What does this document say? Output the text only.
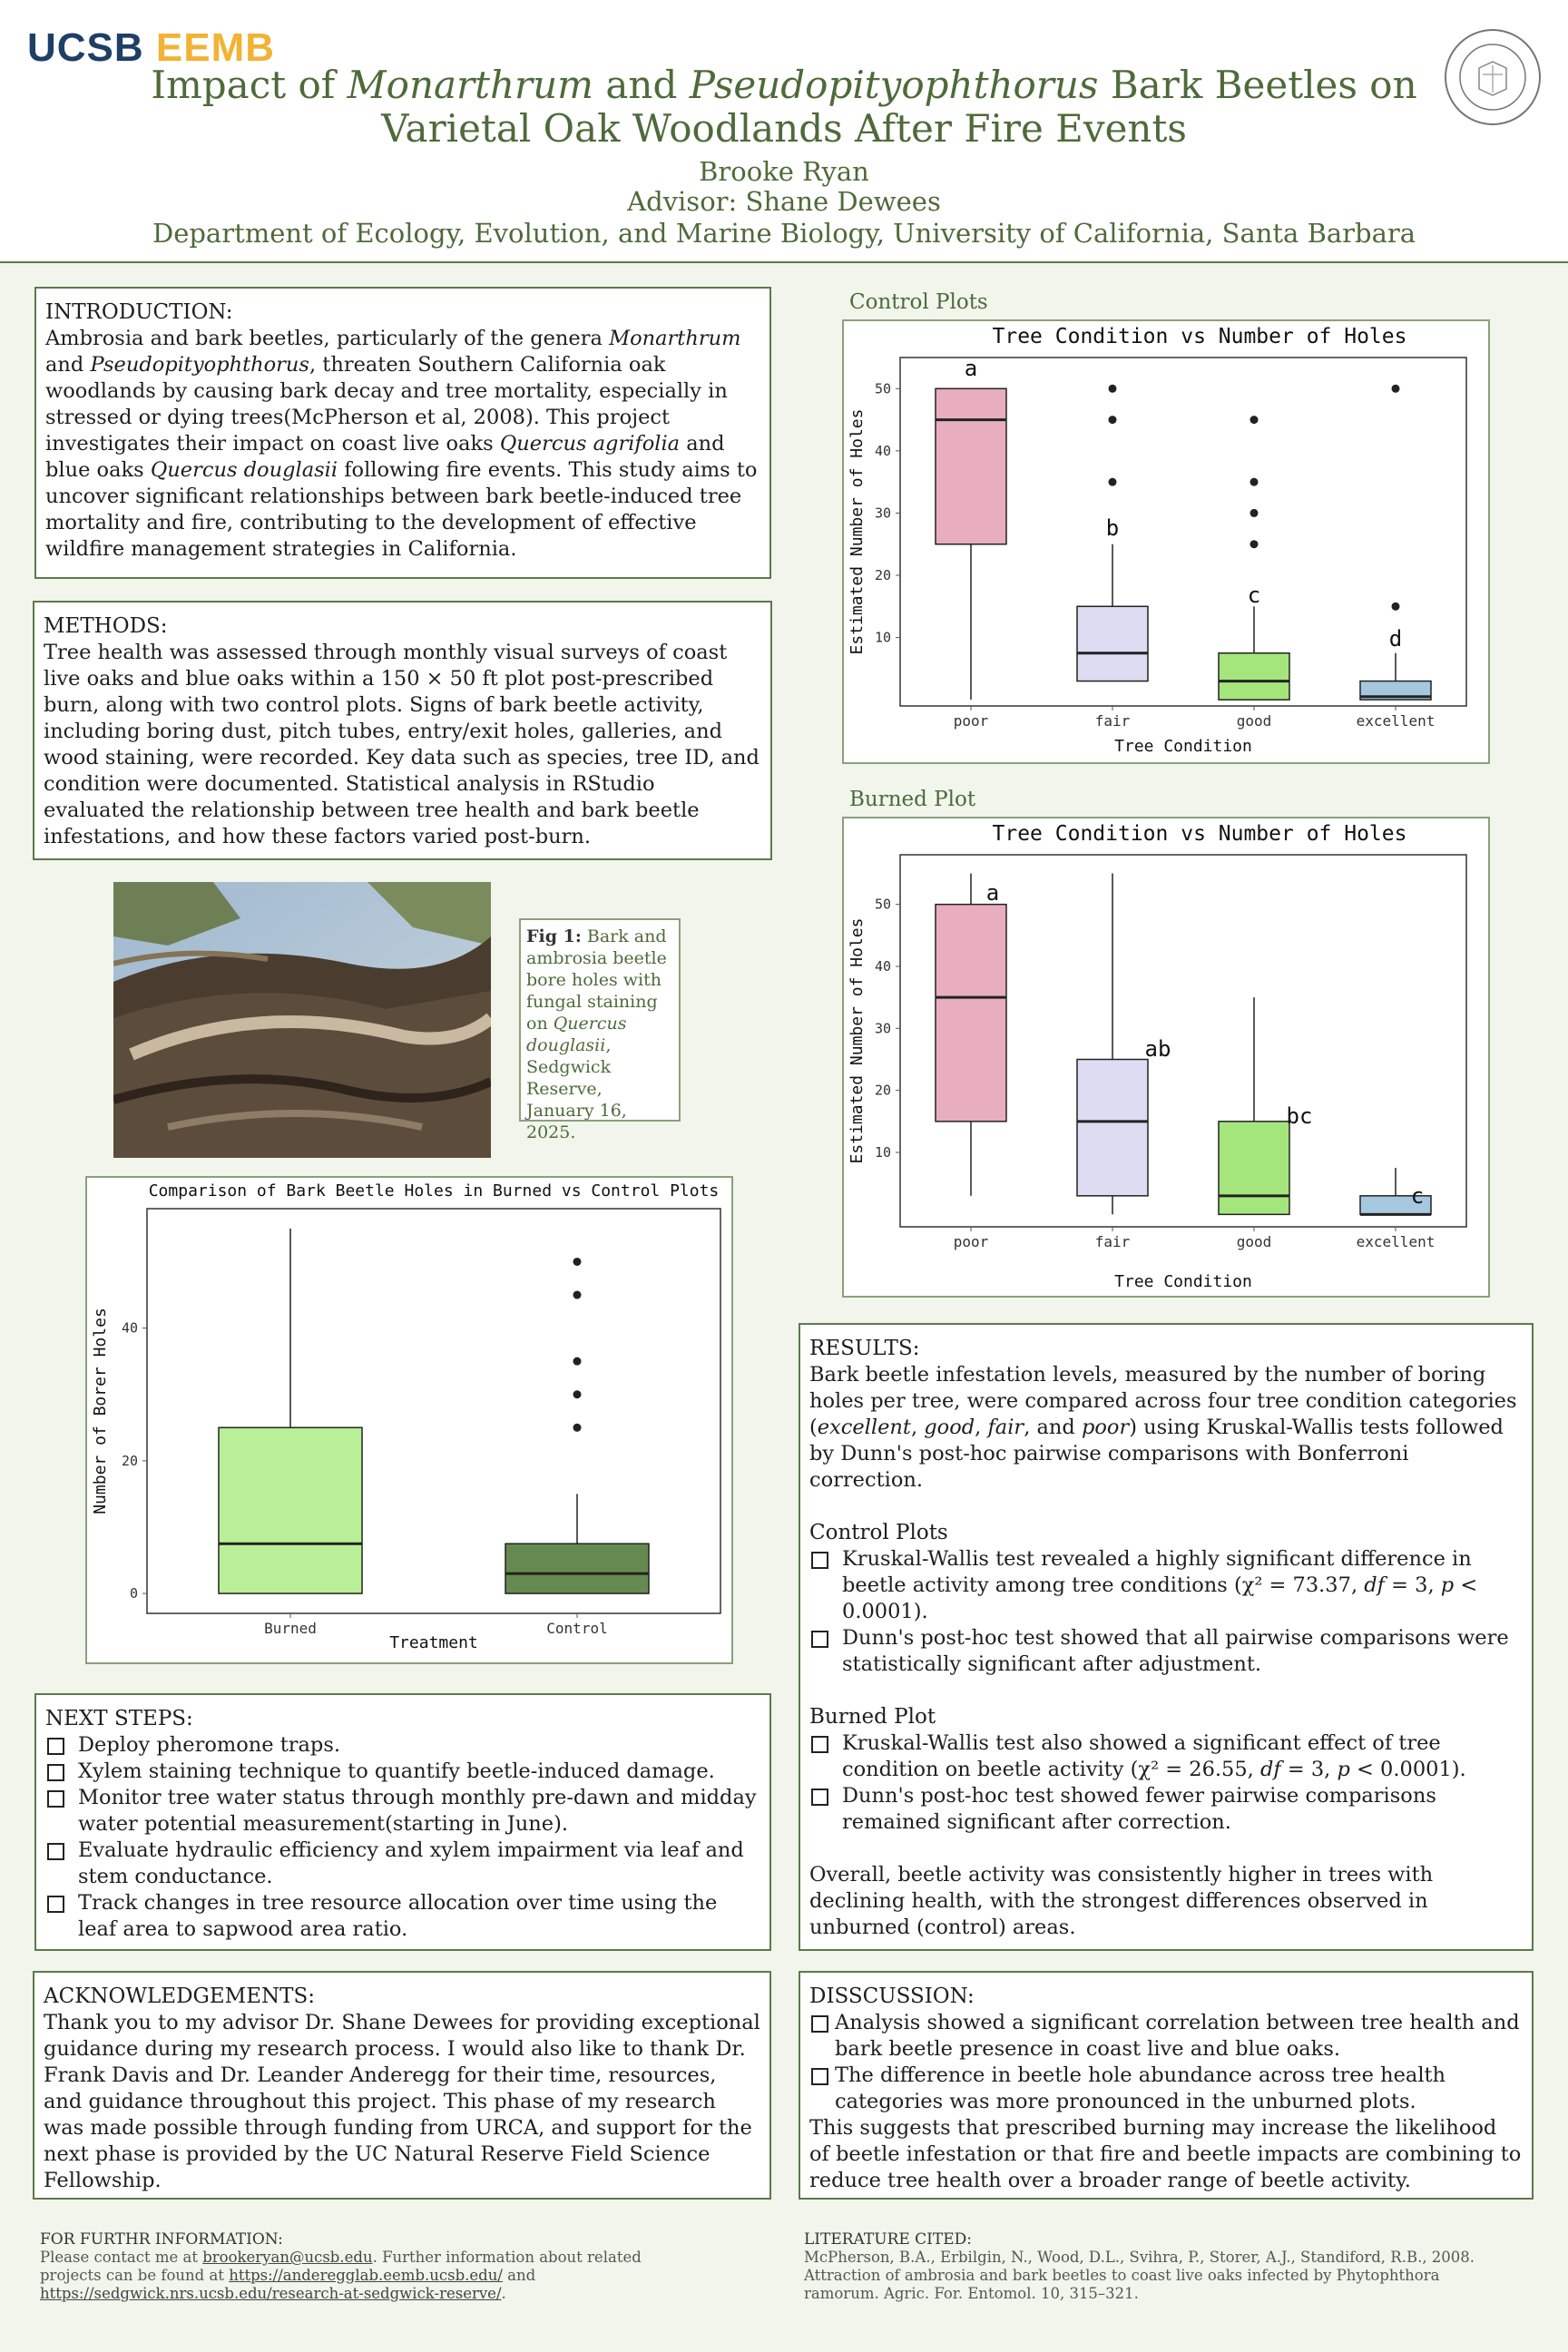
UCSB EEMB
Impact of Monarthrum and Pseudopityophthorus Bark Beetles on
Varietal Oak Woodlands After Fire Events
Brooke Ryan
Advisor: Shane Dewees
Department of Ecology, Evolution, and Marine Biology, University of California, Santa Barbara
INTRODUCTION:

Ambrosia and bark beetles, particularly of the genera Monarthrum and Pseudopityophthorus, threaten Southern California oak woodlands by causing bark decay and tree mortality, especially in stressed or dying trees(McPherson et al, 2008). This project investigates their impact on coast live oaks Quercus agrifolia and blue oaks Quercus douglasii following fire events. This study aims to uncover significant relationships between bark beetle-induced tree mortality and fire, contributing to the development of effective wildfire management strategies in California.

METHODS:

Tree health was assessed through monthly visual surveys of coast live oaks and blue oaks within a 150 × 50 ft plot post-prescribed burn, along with two control plots. Signs of bark beetle activity, including boring dust, pitch tubes, entry/exit holes, galleries, and wood staining, were recorded. Key data such as species, tree ID, and condition were documented. Statistical analysis in RStudio evaluated the relationship between tree health and bark beetle infestations, and how these factors varied post-burn.

Fig 1: Bark and ambrosia beetle bore holes with fungal staining on Quercus douglasii, Sedgwick Reserve, January 16, 2025.
Comparison of Bark Beetle Holes in Burned vs Control Plots
0
20
40
Number of Borer Holes
Treatment
Burned	Control
NEXT STEPS:
Deploy pheromone traps.
Xylem staining technique to quantify beetle-induced damage.
Monitor tree water status through monthly pre-dawn and midday water potential measurement(starting in June).
Evaluate hydraulic efficiency and xylem impairment via leaf and stem conductance.
Track changes in tree resource allocation over time using the leaf area to sapwood area ratio.
ACKNOWLEDGEMENTS:

Thank you to my advisor Dr. Shane Dewees for providing exceptional guidance during my research process. I would also like to thank Dr. Frank Davis and Dr. Leander Anderegg for their time, resources, and guidance throughout this project. This phase of my research was made possible through funding from URCA, and support for the next phase is provided by the UC Natural Reserve Field Science Fellowship.

Control Plots
Tree Condition vs Number of Holes
10
20
30
40
50
Estimated Number of Holes
Tree Condition
poor
a
fair
b
good
c
excellent
d
Burned Plot
Tree Condition vs Number of Holes
10
20
30
40
50
Estimated Number of Holes
Tree Condition
poor
a
fair
ab
good
bc
excellent
c
RESULTS:

Bark beetle infestation levels, measured by the number of boring holes per tree, were compared across four tree condition categories (excellent, good, fair, and poor) using Kruskal-Wallis tests followed by Dunn's post-hoc pairwise comparisons with Bonferroni correction.

Control Plots
Kruskal-Wallis test revealed a highly significant difference in beetle activity among tree conditions (χ² = 73.37, df = 3, p < 0.0001).
Dunn's post-hoc test showed that all pairwise comparisons were statistically significant after adjustment.

Burned Plot
Kruskal-Wallis test also showed a significant effect of tree condition on beetle activity (χ² = 26.55, df = 3, p < 0.0001).
Dunn's post-hoc test showed fewer pairwise comparisons remained significant after correction.

Overall, beetle activity was consistently higher in trees with declining health, with the strongest differences observed in unburned (control) areas.

DISSCUSSION:
Analysis showed a significant correlation between tree health and bark beetle presence in coast live and blue oaks.
The difference in beetle hole abundance across tree health categories was more pronounced in the unburned plots.

This suggests that prescribed burning may increase the likelihood of beetle infestation or that fire and beetle impacts are combining to reduce tree health over a broader range of beetle activity.

FOR FURTHR INFORMATION:

Please contact me at brookeryan@ucsb.edu. Further information about related projects can be found at https://anderegglab.eemb.ucsb.edu/ and https://sedgwick.nrs.ucsb.edu/research-at-sedgwick-reserve/.

LITERATURE CITED:

McPherson, B.A., Erbilgin, N., Wood, D.L., Svihra, P., Storer, A.J., Standiford, R.B., 2008. Attraction of ambrosia and bark beetles to coast live oaks infected by Phytophthora ramorum. Agric. For. Entomol. 10, 315–321.
